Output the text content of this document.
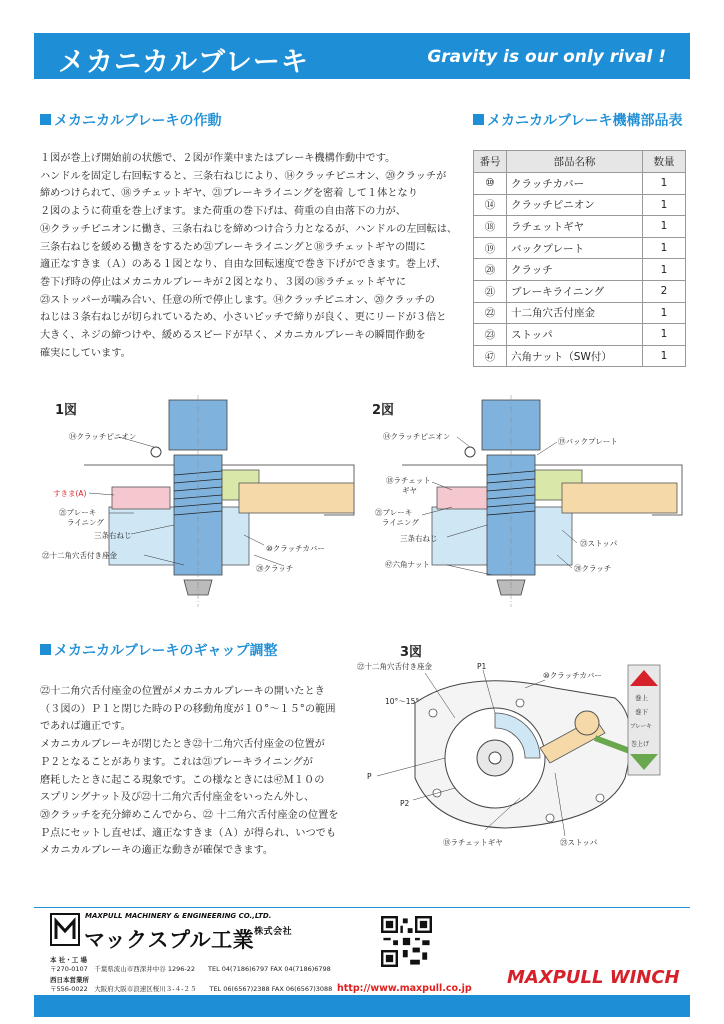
メカニカルブレーキ	Gravity is our only rival !
メカニカルブレーキの作動

１図が巻上げ開始前の状態で、２図が作業中またはブレーキ機構作動中です。

ハンドルを固定し右回転すると、三条右ねじにより、⑭クラッチピニオン、⑳クラッチが

締めつけられて、⑱ラチェットギヤ、㉑ブレーキライニングを密着 して１体となり

２図のように荷重を巻上げます。また荷重の巻下げは、荷重の自由落下の力が、

⑭クラッチピニオンに働き、三条右ねじを締めつけ合う力となるが、ハンドルの左回転は、

三条右ねじを緩める働きをするため㉑ブレーキライニングと⑱ラチェットギヤの間に

適正なすきま（Ａ）のある１図となり、自由な回転速度で巻き下げができます。巻上げ、

巻下げ時の停止はメカニカルブレーキが２図となり、３図の⑱ラチェットギヤに

㉓ストッパーが噛み合い、任意の所で停止します。⑭クラッチピニオン、⑳クラッチの

ねじは３条右ねじが切られているため、小さいピッチで締りが良く、更にリードが３倍と

大きく、ネジの締つけや、緩めるスピードが早く、メカニカルブレーキの瞬間作動を

確実にしています。

メカニカルブレーキ機構部品表
番号	部品名称	数量
⑩	クラッチカバー	1
⑭	クラッチピニオン	1
⑱	ラチェットギヤ	1
⑲	バックプレート	1
⑳	クラッチ	1
㉑	ブレーキライニング	2
㉒	十二角穴舌付座金	1
㉓	ストッパ	1
㊼	六角ナット（SW付）	1
1図
⑭クラッチピニオン
すきま(A)
㉑ブレーキ
ライニング
三条右ねじ
㉒十二角穴舌付き座金
⑩クラッチカバー
⑳クラッチ
2図
⑭クラッチピニオン
⑲バックプレート
⑱ラチェット
ギヤ
㉑ブレーキ
ライニング
三条右ねじ
㉓ストッパ
㊼六角ナット	⑳クラッチ
メカニカルブレーキのギャップ調整

㉒十二角穴舌付座金の位置がメカニカルブレーキの開いたとき

（３図の）Ｐ１と閉じた時のＰの移動角度が１０°～１５°の範囲

であれば適正です。

メカニカルブレーキが閉じたとき㉒十二角穴舌付座金の位置が

Ｐ２となることがあります。これは㉑ブレーキライニングが

磨耗したときに起こる現象です。この様なときには㊼Ｍ１０の

スプリングナット及び㉒十二角穴舌付座金をいったん外し、

⑳クラッチを充分締めこんでから、㉒ 十二角穴舌付座金の位置を

Ｐ点にセットし直せば、適正なすきま（Ａ）が得られ、いつでも

メカニカルブレーキの適正な動きが確保できます。

3図
巻上
巻下
ブレーキ
巻上げ
㉒十二角穴舌付き座金	P1
⑩クラッチカバー
10°〜15°
P
P2
⑱ラチェットギヤ	㉓ストッパ
MAXPULL MACHINERY & ENGINEERING CO.,LTD.
マックスプル工業$^{株式会社}$
本 社・工 場
〒270-0107　千葉県流山市西深井中谷 1296-22　　TEL 04(7186)6797 FAX 04(7186)6798
西日本営業所
〒556-0022　大阪府大阪市浪速区桜川３-４-２５　　TEL 06(6567)2388 FAX 06(6567)3088 http://www.maxpull.co.jp
MAXPULL WINCH
